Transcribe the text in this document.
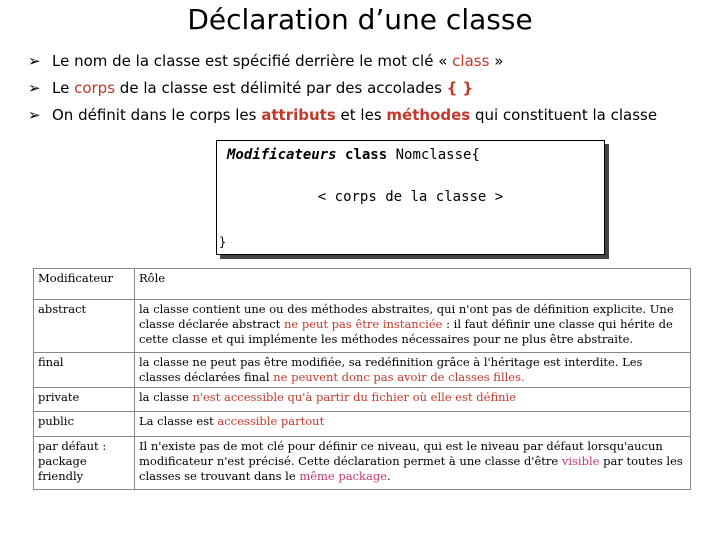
Déclaration d’une classe
➢ Le nom de la classe est spécifié derrière le mot clé « class »
➢ Le corps de la classe est délimité par des accolades { }
➢ On définit dans le corps les attributs et les méthodes qui constituent la classe
Modificateurs class Nomclasse{
< corps de la classe >
}
Modificateur	Rôle
abstract	la classe contient une ou des méthodes abstraites, qui n'ont pas de définition explicite. Une classe déclarée abstract ne peut pas être instanciée : il faut définir une classe qui hérite de cette classe et qui implémente les méthodes nécessaires pour ne plus être abstraite.
final	la classe ne peut pas être modifiée, sa redéfinition grâce à l'héritage est interdite. Les classes déclarées final ne peuvent donc pas avoir de classes filles.
private	la classe n'est accessible qu'à partir du fichier où elle est définie
public	La classe est accessible partout
par défaut : package friendly	Il n'existe pas de mot clé pour définir ce niveau, qui est le niveau par défaut lorsqu'aucun modificateur n'est précisé. Cette déclaration permet à une classe d'être visible par toutes les classes se trouvant dans le même package.
